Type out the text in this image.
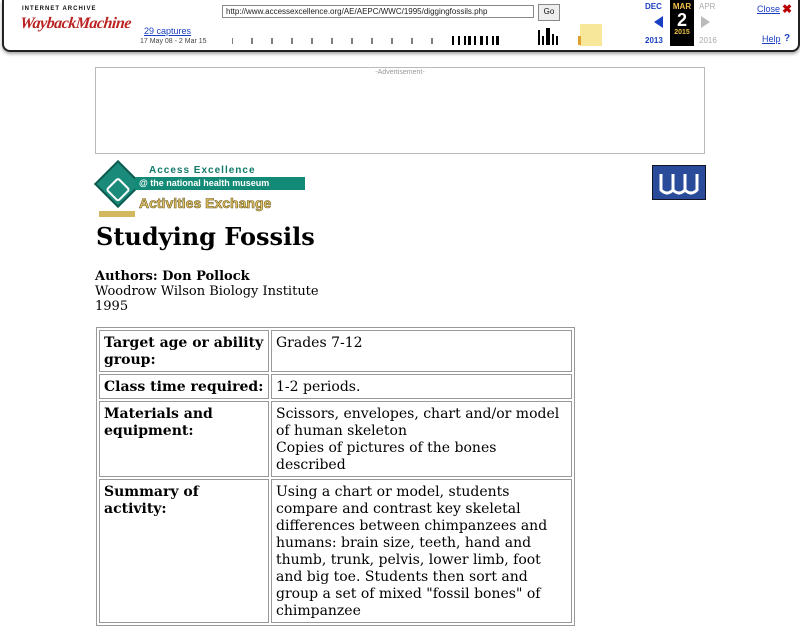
INTERNET ARCHIVE
WaybackMachine 29 captures
17 May 08 - 2 Mar 15
http://www.accessexcellence.org/AE/AEPC/WWC/1995/diggingfossils.php	Go
DEC
2013
MAR
2
2015
APR
2016
Close ✖
Help ?
-Advertisement-
Access Excellence
@ the national health museum
Activities Exchange
Studying Fossils
Authors: Don Pollock
Woodrow Wilson Biology Institute
1995
Target age or ability group:	Grades 7-12
Class time required:	1-2 periods.
Materials and equipment:	Scissors, envelopes, chart and/or model of human skeleton
Copies of pictures of the bones described
Summary of activity:	Using a chart or model, students compare and contrast key skeletal differences between chimpanzees and humans: brain size, teeth, hand and thumb, trunk, pelvis, lower limb, foot and big toe. Students then sort and group a set of mixed "fossil bones" of chimpanzee
